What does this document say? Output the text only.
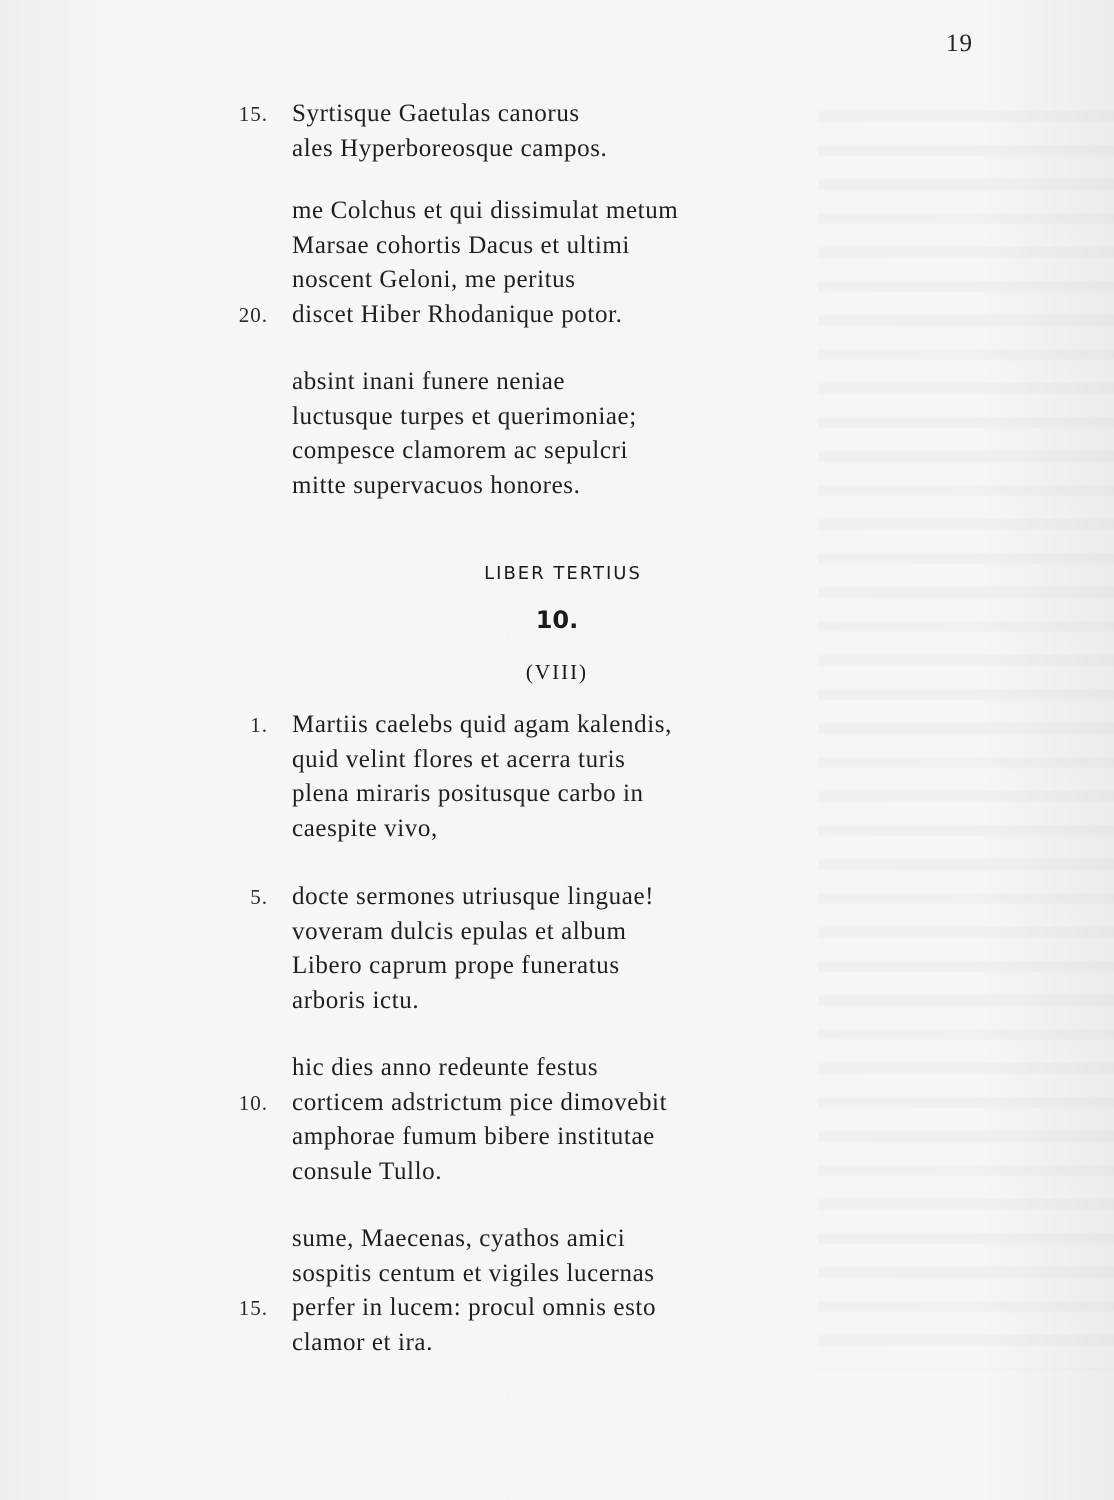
19
15. Syrtisque Gaetulas canorus
ales Hyperboreosque campos.
me Colchus et qui dissimulat metum
Marsae cohortis Dacus et ultimi
noscent Geloni, me peritus
20. discet Hiber Rhodanique potor.
absint inani funere neniae
luctusque turpes et querimoniae;
compesce clamorem ac sepulcri
mitte supervacuos honores.
LIBER TERTIUS
10.
(VIII)
1. Martiis caelebs quid agam kalendis,
quid velint flores et acerra turis
plena miraris positusque carbo in
caespite vivo,
5. docte sermones utriusque linguae!
voveram dulcis epulas et album
Libero caprum prope funeratus
arboris ictu.
hic dies anno redeunte festus
10. corticem adstrictum pice dimovebit
amphorae fumum bibere institutae
consule Tullo.
sume, Maecenas, cyathos amici
sospitis centum et vigiles lucernas
15. perfer in lucem: procul omnis esto
clamor et ira.
